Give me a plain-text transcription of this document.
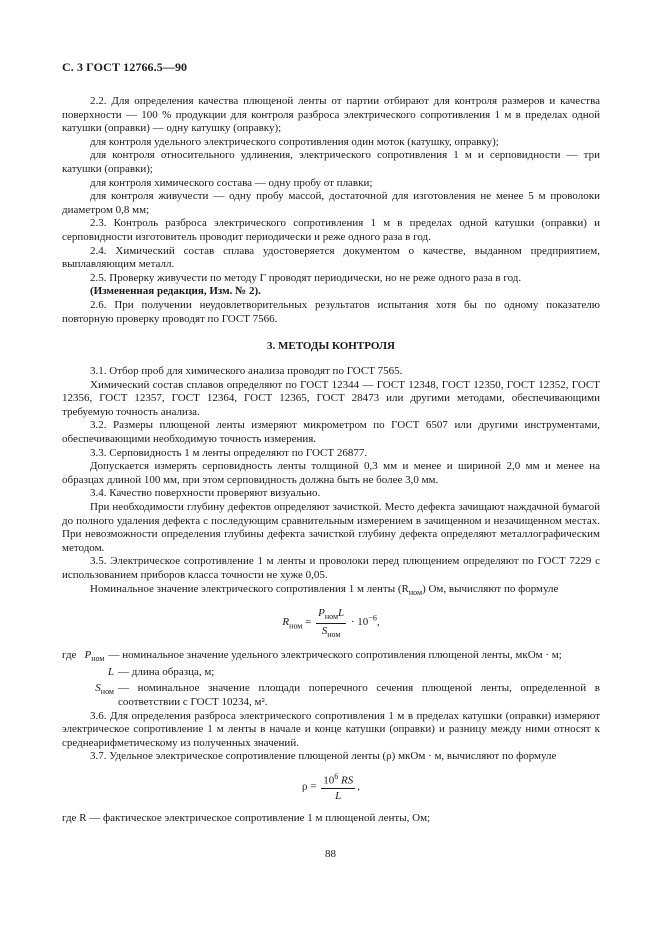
С. 3 ГОСТ 12766.5—90

2.2. Для определения качества плющеной ленты от партии отбирают для контроля размеров и качества поверхности — 100 % продукции для контроля разброса электрического сопротивления 1 м в пределах одной катушки (оправки) — одну катушку (оправку);

для контроля удельного электрического сопротивления один моток (катушку, оправку);

для контроля относительного удлинения, электрического сопротивления 1 м и серповидности — три катушки (оправки);

для контроля химического состава — одну пробу от плавки;

для контроля живучести — одну пробу массой, достаточной для изготовления не менее 5 м проволоки диаметром 0,8 мм;

2.3. Контроль разброса электрического сопротивления 1 м в пределах одной катушки (оправки) и серповидности изготовитель проводит периодически и реже одного раза в год.

2.4. Химический состав сплава удостоверяется документом о качестве, выданном предприятием, выплавляющим металл.

2.5. Проверку живучести по методу Г проводят периодически, но не реже одного раза в год.

(Измененная редакция, Изм. № 2).

2.6. При получении неудовлетворительных результатов испытания хотя бы по одному показателю повторную проверку проводят по ГОСТ 7566.

3. МЕТОДЫ КОНТРОЛЯ

3.1. Отбор проб для химического анализа проводят по ГОСТ 7565.

Химический состав сплавов определяют по ГОСТ 12344 — ГОСТ 12348, ГОСТ 12350, ГОСТ 12352, ГОСТ 12356, ГОСТ 12357, ГОСТ 12364, ГОСТ 12365, ГОСТ 28473 или другими методами, обеспечивающими требуемую точность анализа.

3.2. Размеры плющеной ленты измеряют микрометром по ГОСТ 6507 или другими инструментами, обеспечивающими необходимую точность измерения.

3.3. Серповидность 1 м ленты определяют по ГОСТ 26877.

Допускается измерять серповидность ленты толщиной 0,3 мм и менее и шириной 2,0 мм и менее на образцах длиной 100 мм, при этом серповидность должна быть не более 3,0 мм.

3.4. Качество поверхности проверяют визуально.

При необходимости глубину дефектов определяют зачисткой. Место дефекта зачищают наждачной бумагой до полного удаления дефекта с последующим сравнительным измерением в зачищенном и незачищенном местах. При невозможности определения глубины дефекта зачисткой глубину дефекта определяют металлографическим методом.

3.5. Электрическое сопротивление 1 м ленты и проволоки перед плющением определяют по ГОСТ 7229 с использованием приборов класса точности не хуже 0,05.

Номинальное значение электрического сопротивления 1 м ленты $(R_{ном})$ Ом, вычисляют по формуле

$R_{ном} = \frac{P_{ном}L}{S_{ном}} \cdot 10^{-6}$,
где $P_{ном}$ — номинальное значение удельного электрического сопротивления плющеной ленты, мкОм · м;
L — длина образца, м;
$S_{ном}$ — номинальное значение площади поперечного сечения плющеной ленты, определенной в соответствии с ГОСТ 10234, м².

3.6. Для определения разброса электрического сопротивления 1 м в пределах катушки (оправки) измеряют электрическое сопротивление 1 м ленты в начале и конце катушки (оправки) и разницу между ними относят к среднеарифметическому из полученных значений.

3.7. Удельное электрическое сопротивление плющеной ленты (ρ) мкОм · м, вычисляют по формуле

$\rho = \frac{10^6 RS}{L}$ ,

где R — фактическое электрическое сопротивление 1 м плющеной ленты, Ом;

88
